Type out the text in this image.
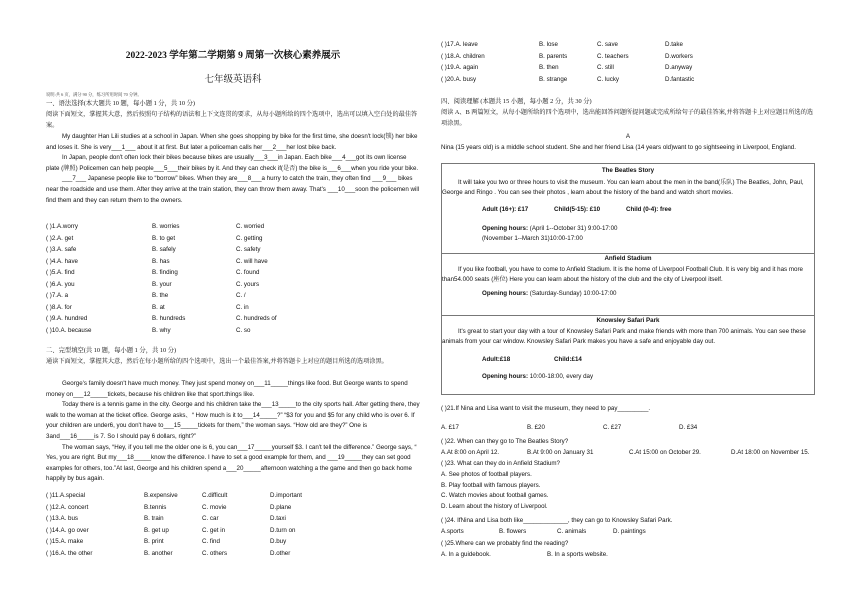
2022-2023 学年第二学期第 9 周第一次核心素养展示
七年级英语科
说明:共 6 页，满分 90 分，练习所用时间 70 分钟。
一、语法选择(本大题共 10 题，每小题 1 分，共 10 分)

阅读下面短文，掌握其大意，然后按照句子结构的语法和上下文连贯的要求，从每小题所给的四个选项中，选出可以填入空白处的最佳答案。

My daughter Han Lili studies at a school in Japan. When she goes shopping by bike for the first time, she doesn't lock(锁) her bike and loses it. She is very___1___ about it at first. But later a policeman calls her___2___her lost bike back.

In Japan, people don't often lock their bikes because bikes are usually___3___in Japan. Each bike___4___got its own license plate (牌照) Policemen can help people___5___their bikes by it. And they can check if(是否) the bike is___6___when you ride your bike.

___7___ Japanese people like to “borrow” bikes. When they are___8___a hurry to catch the train, they often find ___9___ bikes near the roadside and use them. After they arrive at the train station, they can throw them away. That's ___10___soon the policemen will find them and they can return them to the owners.

( )1.A.worry	B. worries	C. worried
( )2.A. get	B. to get	C. getting
( )3.A. safe	B. safely	C. safety
( )4.A. have	B. has	C. will have
( )5.A. find	B. finding	C. found
( )6.A. you	B. your	C. yours
( )7.A. a	B. the	C. /
( )8.A. for	B. at	C. in
( )9.A. hundred	B. hundreds	C. hundreds of
( )10.A. because	B. why	C. so
二、完型填空(共 10 题，每小题 1 分，共 10 分)

通读下面短文，掌握其大意，然后在每小题所给的四个选项中，选出一个最佳答案,并将答题卡上对应的题目所选的选项涂黑。

George's family doesn't have much money. They just spend money on___11_____things like food. But George wants to spend money on___12_____tickets, because his children like that sport.things like.

Today there is a tennis game in the city. George and his children take the___13_____to the city sports hall. After getting there, they walk to the woman at the ticket office. George asks、“ How much is it to___14_____?” “$3 for you and $5 for any child who is over 6. If your children are under6, you don't have to___15_____tickets for them,” the woman says. “How old are they?” One is 3and___16_____is 7. So I should pay 6 dollars, right?”

The woman says, “Hey, if you tell me the older one is 6, you can___17_____yourself $3. I can't tell the difference.” George says, “ Yes, you are right. But my___18_____know the difference. I have to set a good example for them, and ___19_____they can set good examples for others, too.”At last, George and his children spend a___20_____afternoon watching a the game and then go back home happily by bus again.

( )11.A.special	B.expensive	C.difficult	D.important
( )12.A. concert	B.tennis	C. movie	D.plane
( )13.A. bus	B. train	C. car	D.taxi
( )14.A. go over	B. get up	C. get in	D.turn on
( )15.A. make	B. print	C. find	D.buy
( )16.A. the other	B. another	C. others	D.other
( )17.A. leave	B. lose	C. save	D.take
( )18.A. children	B. parents	C. teachers	D.workers
( )19.A. again	B. then	C. still	D.anyway
( )20.A. busy	B. strange	C. lucky	D.fantastic
四、阅读理解 (本题共 15 小题，每小题 2 分，共 30 分)

阅读 A、B 两篇短文，从每小题所给的四个选项中，选出能回答问题所提问题或完成所给句子的最佳答案,并将答题卡上对应题目所选的选项涂黑。

A
Nina (15 years old) is a middle school student. She and her friend Lisa (14 years old)want to go sightseeing in Liverpool, England.
The Beatles Story

It will take you two or three hours to visit the museum. You can learn about the men in the band(乐队) The Beatles, John, Paul, George and Ringo . You can see their photos , learn about the history of the band and watch short movies.

Adult (16+): £17	Child(5-15): £10	Child (0-4): free
Opening hours: (April 1--October 31) 9:00-17:00
(November 1--March 31)10:00-17:00
Anfield Stadium

If you like football, you have to come to Anfield Stadium. It is the home of Liverpool Football Club. It is very big and it has more than54.000 seats (座位) Here you can learn about the history of the club and the city of Liverpool itself.

Opening hours: (Saturday-Sunday) 10:00-17:00
Knowsley Safari Park

It's great to start your day with a tour of Knowsley Safari Park and make friends with more than 700 animals. You can see these animals from your car window. Knowsley Safari Park makes you have a safe and enjoyable day out.

Adult:£18	Child:£14
Opening hours: 10:00-18:00, every day
( )21.If Nina and Lisa want to visit the museum, they need to pay_________.
A. £17	B. £20	C. £27	D. £34
( )22. When can they go to The Beatles Story?
A.At 8:00 on April 12.	B.At 9:00 on January 31	C.At 15:00 on October 29.	D.At 18:00 on November 15.
( )23. What can they do in Anfield Stadium?
A. See photos of football players.
B. Play football with famous players.
C. Watch movies about football games.
D. Learn about the history of Liverpool.
( )24. IfNina and Lisa both like_____________, they can go to Knowsley Safari Park.
A.sports	B. flowers	C. animals	D. paintings
( )25.Where can we probably find the reading?
A. In a guidebook.	B. In a sports website.
